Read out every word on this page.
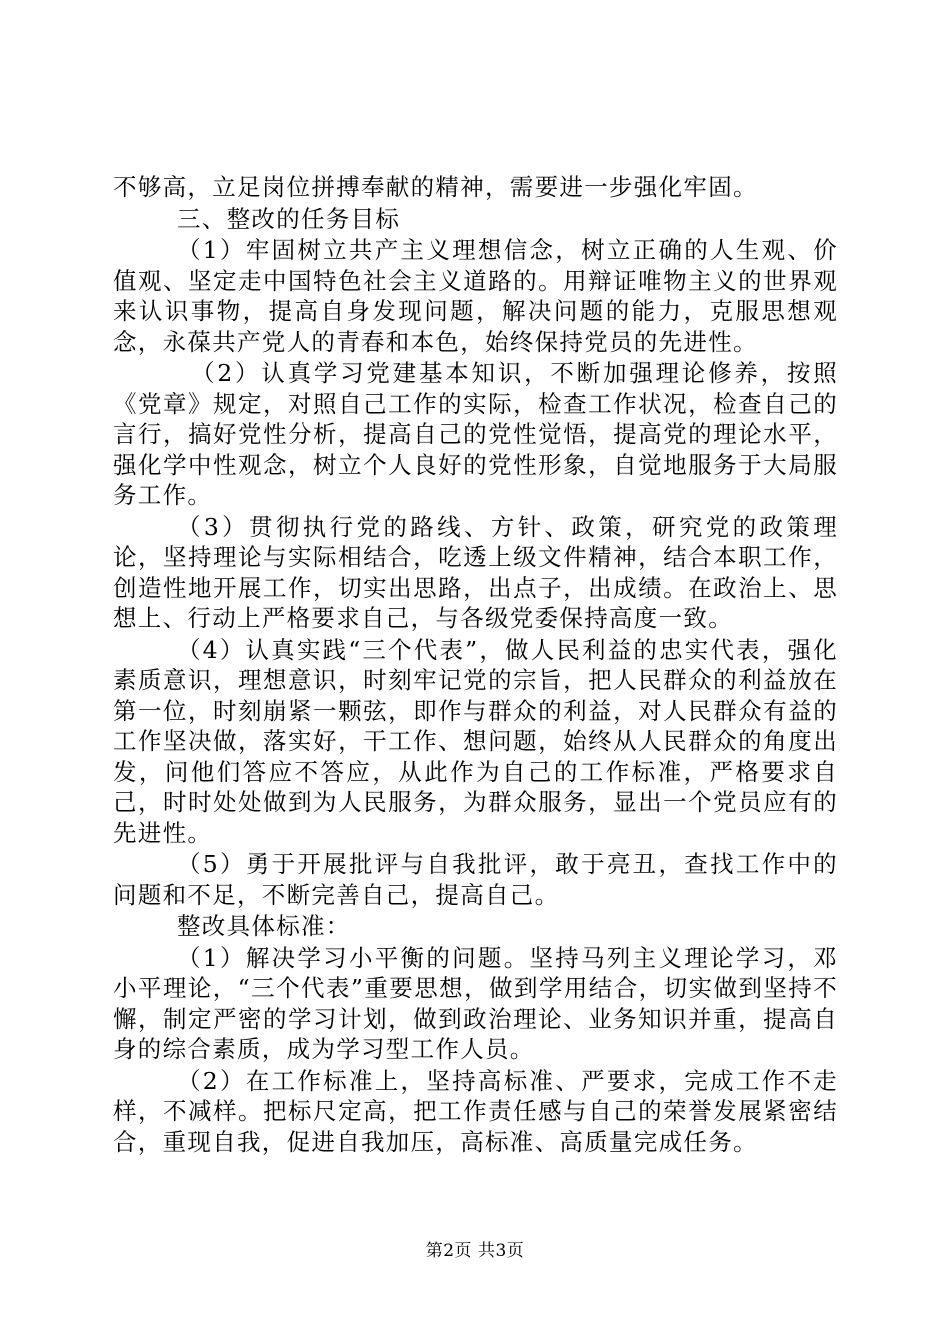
不够高，立足岗位拼搏奉献的精神，需要进一步强化牢固。

三、整改的任务目标

（1）牢固树立共产主义理想信念，树立正确的人生观、价值观、坚定走中国特色社会主义道路的。用辩证唯物主义的世界观来认识事物，提高自身发现问题，解决问题的能力，克服思想观念，永葆共产党人的青春和本色，始终保持党员的先进性。

（2）认真学习党建基本知识，不断加强理论修养，按照《党章》规定，对照自己工作的实际，检查工作状况，检查自己的言行，搞好党性分析，提高自己的党性觉悟，提高党的理论水平，强化学中性观念，树立个人良好的党性形象，自觉地服务于大局服务工作。

（3）贯彻执行党的路线、方针、政策，研究党的政策理论，坚持理论与实际相结合，吃透上级文件精神，结合本职工作，创造性地开展工作，切实出思路，出点子，出成绩。在政治上、思想上、行动上严格要求自己，与各级党委保持高度一致。

（4）认真实践“三个代表”，做人民利益的忠实代表，强化素质意识，理想意识，时刻牢记党的宗旨，把人民群众的利益放在第一位，时刻崩紧一颗弦，即作与群众的利益，对人民群众有益的工作坚决做，落实好，干工作、想问题，始终从人民群众的角度出发，问他们答应不答应，从此作为自己的工作标准，严格要求自己，时时处处做到为人民服务，为群众服务，显出一个党员应有的先进性。

（5）勇于开展批评与自我批评，敢于亮丑，查找工作中的问题和不足，不断完善自己，提高自己。

整改具体标准：

（1）解决学习小平衡的问题。坚持马列主义理论学习，邓小平理论，“三个代表”重要思想，做到学用结合，切实做到坚持不懈，制定严密的学习计划，做到政治理论、业务知识并重，提高自身的综合素质，成为学习型工作人员。

（2）在工作标准上，坚持高标准、严要求，完成工作不走样，不减样。把标尺定高，把工作责任感与自己的荣誉发展紧密结合，重现自我，促进自我加压，高标准、高质量完成任务。

第2页 共3页
